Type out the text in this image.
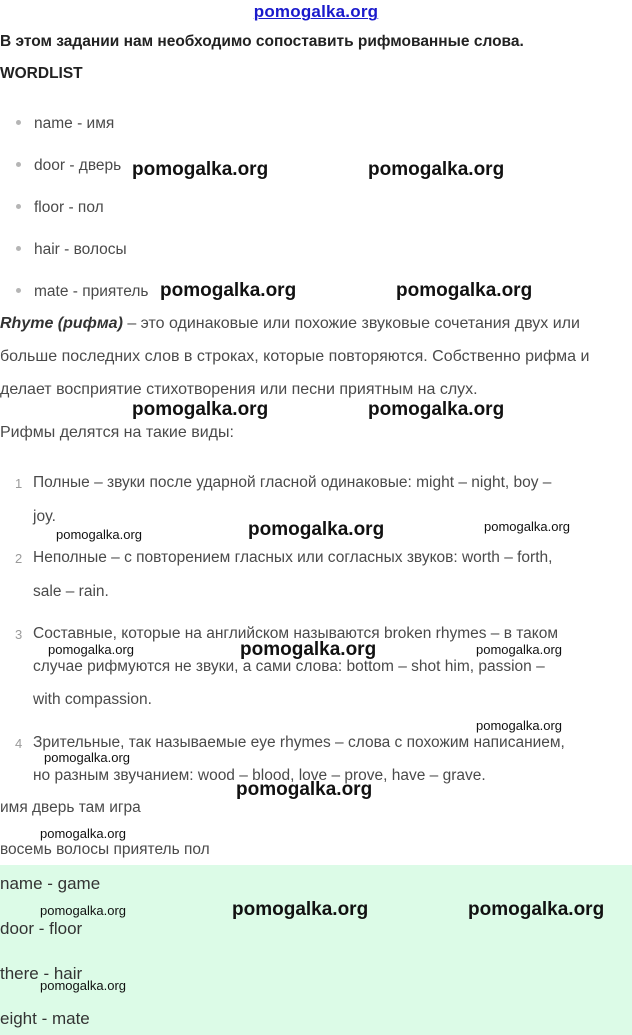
pomogalka.org
В этом задании нам необходимо сопоставить рифмованные слова.
WORDLIST
name - имя
door - дверь
floor - пол
hair - волосы
mate - приятель
Rhyme (рифма) – это одинаковые или похожие звуковые сочетания двух или
больше последних слов в строках, которые повторяются. Собственно рифма и
делает восприятие стихотворения или песни приятным на слух.
Рифмы делятся на такие виды:
1 Полные – звуки после ударной гласной одинаковые: might – night, boy –
joy.
2 Неполные – с повторением гласных или согласных звуков: worth – forth,
sale – rain.
3 Составные, которые на английском называются broken rhymes – в таком
случае рифмуются не звуки, а сами слова: bottom – shot him, passion –
with compassion.
4 Зрительные, так называемые eye rhymes – слова с похожим написанием,
но разным звучанием: wood – blood, love – prove, have – grave.
имя дверь там игра
восемь волосы приятель пол
name - game
door - floor
there - hair
eight - mate
pomogalka.org	pomogalka.org
pomogalka.org	pomogalka.org
pomogalka.org	pomogalka.org
pomogalka.org	pomogalka.org	pomogalka.org
pomogalka.org	pomogalka.org	pomogalka.org
pomogalka.org
pomogalka.org
pomogalka.org
pomogalka.org
pomogalka.org	pomogalka.org	pomogalka.org
pomogalka.org
